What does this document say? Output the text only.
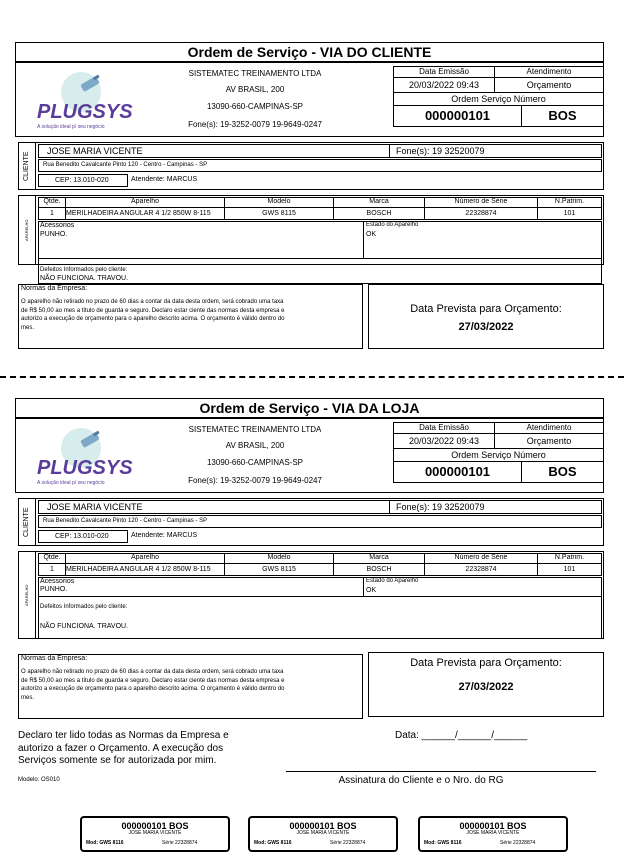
Ordem de Serviço - VIA DO CLIENTE
PLUGSYS
A solução ideal p/ seu negócio
SISTEMATEC TREINAMENTO LTDA
AV BRASIL, 200
13090-660-CAMPINAS-SP
Fone(s): 19-3252-0079 19-9649-0247
Data Emissão	Atendimento
20/03/2022 09:43	Orçamento
Ordem Serviço Número
000000101	BOS
CLIENTE
JOSE MARIA VICENTE	Fone(s): 19 32520079
Rua Benedito Cavalcante Pinto 120 - Centro - Campinas - SP
CEP: 13.010-020	Atendente: MARCUS
APARELHO
Qtde.	Aparelho	Modelo	Marca	Número de Série	N.Patrim.
1	MERILHADEIRA ANGULAR 4 1/2 850W 8-115	GWS 8115	BOSCH	22328874	101
Acessorios
PUNHO.
Estado do Aparelho
OK
Normas da Empresa:
O aparelho não retirado no prazo de 60 dias a contar da data desta ordem, será cobrado uma taxa de R$ 50,00 ao mes a título de guarda e seguro. Declaro estar ciente das normas desta empresa e autorizo a execução de orçamento para o aparelho descrito acima. O orçamento é válido dentro do mes.
Data Prevista para Orçamento:
27/03/2022
Defeitos Informados pelo cliente:
NÃO FUNCIONA. TRAVOU.
Ordem de Serviço - VIA DA LOJA
PLUGSYS
A solução ideal p/ seu negócio
SISTEMATEC TREINAMENTO LTDA
AV BRASIL, 200
13090-660-CAMPINAS-SP
Fone(s): 19-3252-0079 19-9649-0247
Data Emissão	Atendimento
20/03/2022 09:43	Orçamento
Ordem Serviço Número
000000101	BOS
CLIENTE
JOSE MARIA VICENTE	Fone(s): 19 32520079
Rua Benedito Cavalcante Pinto 120 - Centro - Campinas - SP
CEP: 13.010-020	Atendente: MARCUS
APARELHO
Qtde.	Aparelho	Modelo	Marca	Número de Série	N.Patrim.
1	MERILHADEIRA ANGULAR 4 1/2 850W 8-115	GWS 8115	BOSCH	22328874	101
Acessorios
PUNHO.
Estado do Aparelho
OK
Normas da Empresa:
O aparelho não retirado no prazo de 60 dias a contar da data desta ordem, será cobrado uma taxa de R$ 50,00 ao mes a título de guarda e seguro. Declaro estar ciente das normas desta empresa e autorizo a execução de orçamento para o aparelho descrito acima. O orçamento é válido dentro do mes.
Data Prevista para Orçamento:
27/03/2022
Defeitos Informados pelo cliente:
NÃO FUNCIONA. TRAVOU.
Declaro ter lido todas as Normas da Empresa e autorizo a fazer o Orçamento. A execução dos Serviços somente se for autorizada por mim.
Data: ______/______/______
Assinatura do Cliente e o Nro. do RG
Modelo: OS010
000000101 BOS
JOSE MARIA VICENTE
Mod: GWS 8116	Série 22328874
000000101 BOS
JOSE MARIA VICENTE
Mod: GWS 8116	Série 22328874
000000101 BOS
JOSE MARIA VICENTE
Mod: GWS 8116	Série 22328874
